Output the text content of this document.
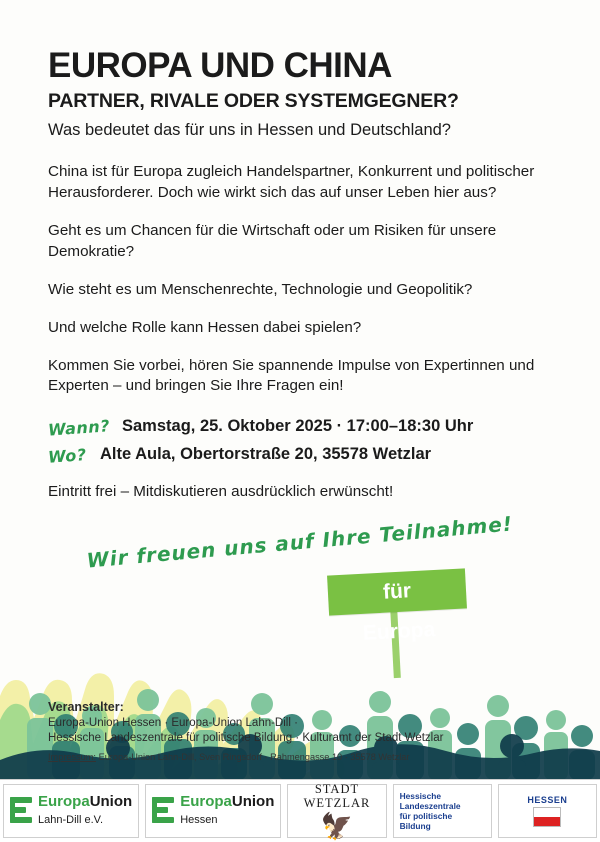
für
Europa
EUROPA UND CHINA
PARTNER, RIVALE ODER SYSTEMGEGNER?
Was bedeutet das für uns in Hessen und Deutschland?

China ist für Europa zugleich Handelspartner, Konkurrent und politischer Herausforderer. Doch wie wirkt sich das auf unser Leben hier aus?

Geht es um Chancen für die Wirtschaft oder um Risiken für unsere Demokratie?

Wie steht es um Menschenrechte, Technologie und Geopolitik?

Und welche Rolle kann Hessen dabei spielen?

Kommen Sie vorbei, hören Sie spannende Impulse von Expertinnen und Experten – und bringen Sie Ihre Fragen ein!

Wann? Samstag, 25. Oktober 2025 · 17:00–18:30 Uhr
Wo? Alte Aula, Obertorstraße 20, 35578 Wetzlar

Eintritt frei – Mitdiskutieren ausdrücklich erwünscht!

Wir freuen uns auf Ihre Teilnahme!

Veranstalter:

Europa-Union Hessen · Europa-Union Lahn-Dill ·

Hessische Landeszentrale für politische Bildung · Kulturamt der Stadt Wetzlar

Impressum: Europa-Union Lahn-Dill, Sven Ringsdorf · Rahmengasse 10 · 35578 Wetzlar

EuropaUnion
Lahn-Dill e.V.
EuropaUnion
Hessen
STADT WETZLAR
🦅
Hessische Landeszentrale
für politische Bildung
HESSEN
